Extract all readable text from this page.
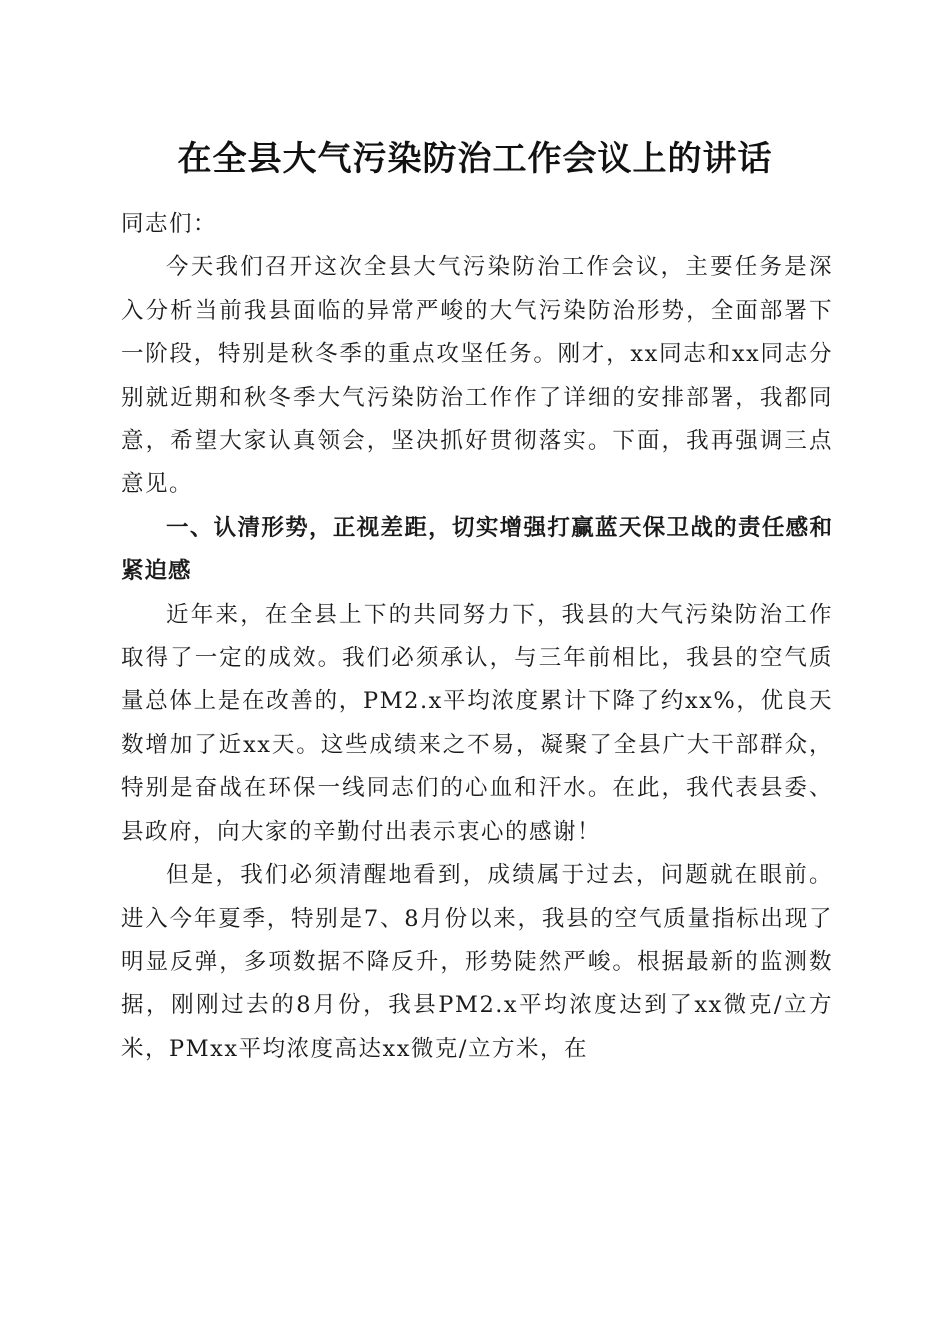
在全县大气污染防治工作会议上的讲话

同志们：

今天我们召开这次全县大气污染防治工作会议，主要任务是深入分析当前我县面临的异常严峻的大气污染防治形势，全面部署下一阶段，特别是秋冬季的重点攻坚任务。刚才，xx同志和xx同志分别就近期和秋冬季大气污染防治工作作了详细的安排部署，我都同意，希望大家认真领会，坚决抓好贯彻落实。下面，我再强调三点意见。

一、认清形势，正视差距，切实增强打赢蓝天保卫战的责任感和紧迫感

近年来，在全县上下的共同努力下，我县的大气污染防治工作取得了一定的成效。我们必须承认，与三年前相比，我县的空气质量总体上是在改善的，PM2.x平均浓度累计下降了约xx%，优良天数增加了近xx天。这些成绩来之不易，凝聚了全县广大干部群众，特别是奋战在环保一线同志们的心血和汗水。在此，我代表县委、县政府，向大家的辛勤付出表示衷心的感谢！

但是，我们必须清醒地看到，成绩属于过去，问题就在眼前。进入今年夏季，特别是7、8月份以来，我县的空气质量指标出现了明显反弹，多项数据不降反升，形势陡然严峻。根据最新的监测数据，刚刚过去的8月份，我县PM2.x平均浓度达到了xx微克/立方米，PMxx平均浓度高达xx微克/立方米，在
